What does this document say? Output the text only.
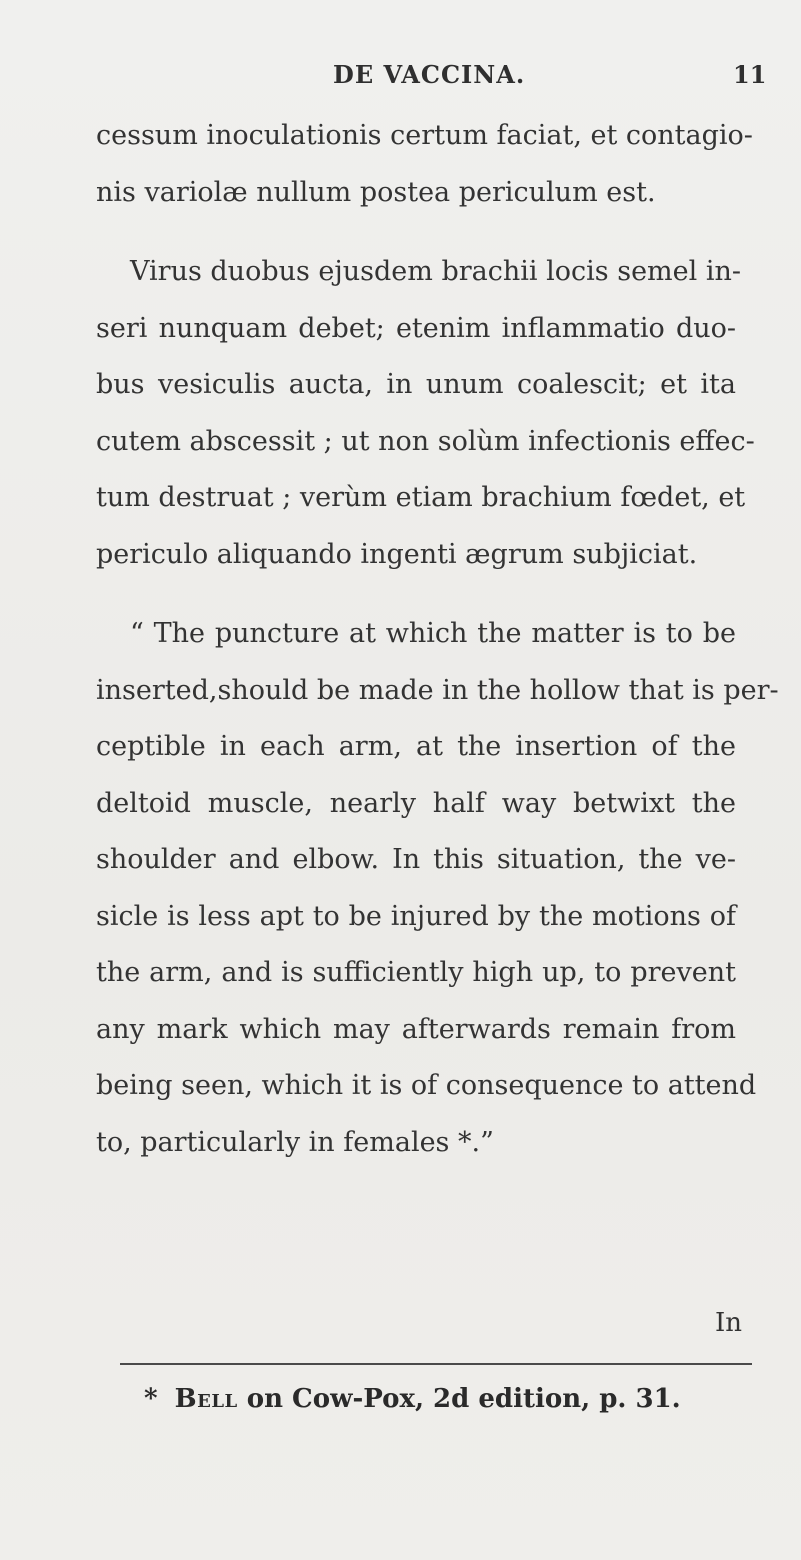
DE VACCINA.	11
cessum inoculationis certum faciat, et contagio-
nis variolæ nullum postea periculum est.
Virus duobus ejusdem brachii locis semel in-
seri nunquam debet; etenim inflammatio duo-
bus vesiculis aucta, in unum coalescit; et ita
cutem abscessit ; ut non solùm infectionis effec-
tum destruat ; verùm etiam brachium fœdet, et
periculo aliquando ingenti ægrum subjiciat.
“ The puncture at which the matter is to be
inserted,should be made in the hollow that is per-
ceptible in each arm, at the insertion of the
deltoid muscle, nearly half way betwixt the
shoulder and elbow. In this situation, the ve-
sicle is less apt to be injured by the motions of
the arm, and is sufficiently high up, to prevent
any mark which may afterwards remain from
being seen, which it is of consequence to attend
to, particularly in females *.”
In
* Bell on Cow-Pox, 2d edition, p. 31.
